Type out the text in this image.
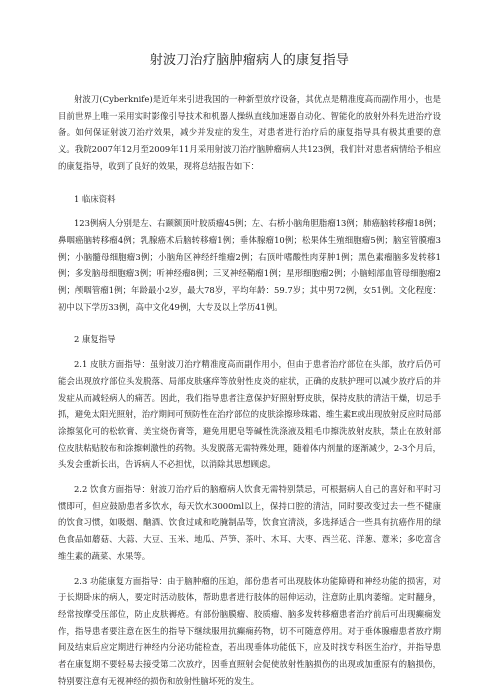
射波刀治疗脑肿瘤病人的康复指导

射波刀(Cyberknife)是近年来引进我国的一种新型放疗设备，其优点是精准度高而副作用小，也是目前世界上唯一采用实时影像引导技术和机器人操纵直线加速器自动化、智能化的放射外科先进治疗设备。如何保证射波刀治疗效果，减少并发症的发生，对患者进行治疗后的康复指导具有极其重要的意义。我院2007年12月至2009年11月采用射波刀治疗脑肿瘤病人共123例，我们针对患者病情给予相应的康复指导，收到了良好的效果，现将总结报告如下：

1 临床资料

123例病人分别是左、右颞额顶叶胶质瘤45例；左、右桥小脑角胆脂瘤13例；肺癌脑转移瘤18例；鼻咽癌脑转移瘤4例；乳腺癌术后脑转移瘤1例；垂体腺瘤10例；松果体生殖细胞瘤5例；脑室管膜瘤3例；小脑髓母细胞瘤3例；小脑角区神经纤维瘤2例；右顶叶嗜酸性肉芽肿1例；黑色素瘤脑多发转移1例；多发脑母细胞瘤3例；听神经瘤8例；三叉神经鞘瘤1例；星形细胞瘤2例；小脑蚓部血管母细胞瘤2例；颅咽管瘤1例；年龄最小2岁，最大78岁，平均年龄：59.7岁；其中男72例，女51例。文化程度：初中以下学历33例，高中文化49例，大专及以上学历41例。

2 康复指导

2.1 皮肤方面指导：虽射波刀治疗精准度高而副作用小，但由于患者治疗部位在头部，放疗后仍可能会出现放疗部位头发脱落、局部皮肤瘙痒等放射性皮炎的症状，正确的皮肤护理可以减少放疗后的并发症从而减轻病人的痛苦。因此，我们指导患者注意保护好照射野皮肤，保持皮肤的清洁干燥，切忌手抓，避免太阳光照射，治疗期间可预防性在治疗部位的皮肤涂擦珍珠霜、维生素E或出现放射反应时局部涂擦氢化可的松软膏、美宝烧伤膏等，避免用肥皂等碱性洗涤液及粗毛巾擦洗放射皮肤，禁止在放射部位皮肤粘贴胶布和涂擦刺激性的药物。头发脱落无需特殊处理，随着体内剂量的逐渐减少，2-3个月后，头发会重新长出，告诉病人不必担忧，以消除其思想顾虑。

2.2 饮食方面指导：射波刀治疗后的脑瘤病人饮食无需特别禁忌，可根据病人自己的喜好和平时习惯即可，但应鼓励患者多饮水，每天饮水3000ml以上，保持口腔的清洁，同时要改变过去一些不健康的饮食习惯，如吸烟、酗酒、饮食过咸和吃腌制品等，饮食宜清淡，多选择适合一些具有抗癌作用的绿色食品如蘑菇、大蒜、大豆、玉米、地瓜、芦笋、茶叶、木耳、大枣、西兰花、洋葱、薏米；多吃富含维生素的蔬菜、水果等。

2.3 功能康复方面指导：由于脑肿瘤的压迫，部份患者可出现肢体功能障碍和神经功能的损害，对于长期卧床的病人，要定时活动肢体，帮助患者进行肢体的屈伸运动，注意防止肌肉萎缩。定时翻身，经常按摩受压部位，防止皮肤褥疮。有部份脑膜瘤、胶质瘤、脑多发转移瘤患者治疗前后可出现癫痫发作，指导患者要注意在医生的指导下继续服用抗癫痫药物，切不可随意停用。对于垂体腺瘤患者放疗期间及结束后应定期进行神经内分泌功能检查，若出现垂体功能低下，应及时找专科医生治疗，并指导患者在康复期不要轻易去接受第二次放疗，因垂直照射会促使放射性脑损伤的出现或加重原有的脑损伤，特别要注意有无视神经的损伤和放射性脑坏死的发生。
